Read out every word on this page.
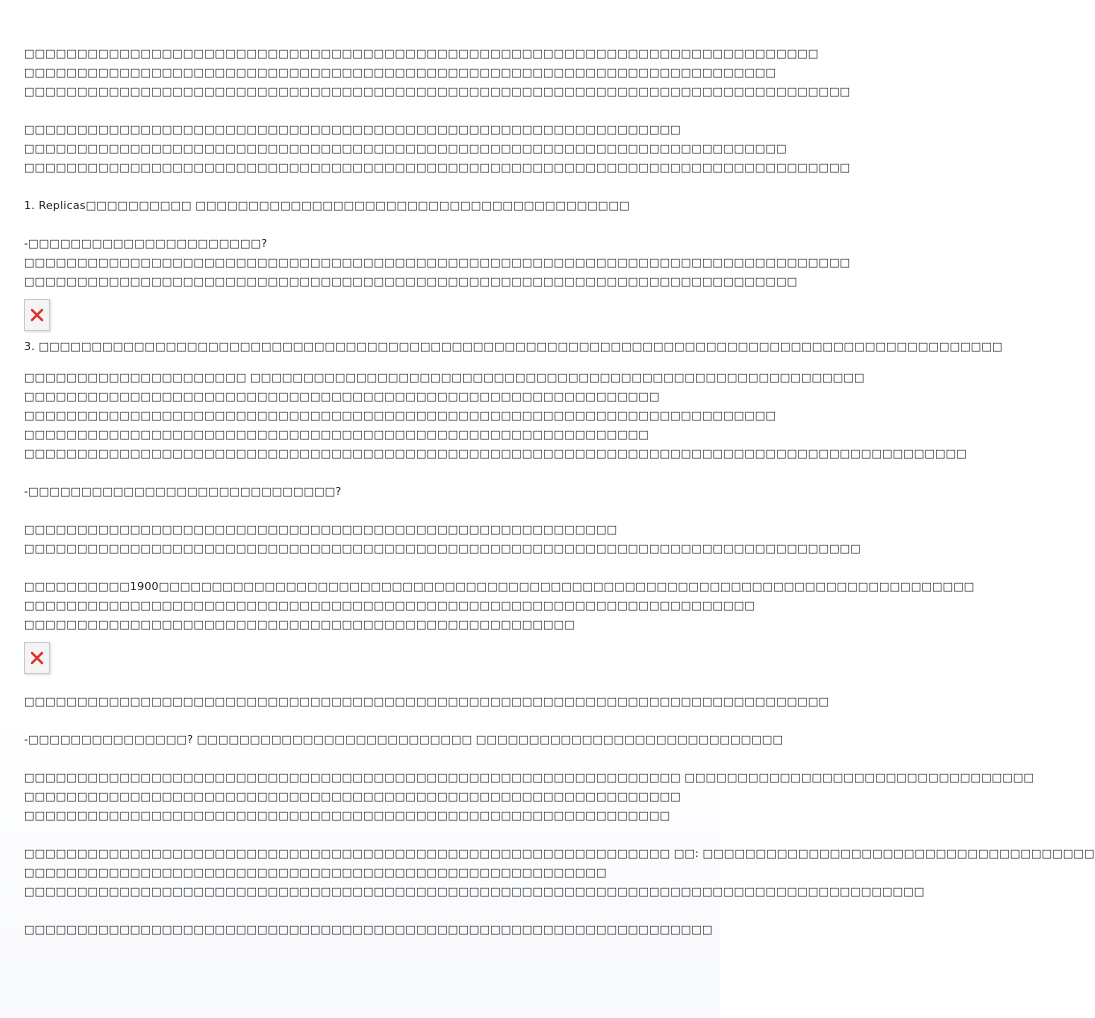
□□□□□□□□□□□□□□□□□□□□□□□□□□□□□□□□□□□□□□□□□□□□□□□□□□□□□□□□□□□□□□□□□□□□□□□□□□□
□□□□□□□□□□□□□□□□□□□□□□□□□□□□□□□□□□□□□□□□□□□□□□□□□□□□□□□□□□□□□□□□□□□□□□□
□□□□□□□□□□□□□□□□□□□□□□□□□□□□□□□□□□□□□□□□□□□□□□□□□□□□□□□□□□□□□□□□□□□□□□□□□□□□□□
□□□□□□□□□□□□□□□□□□□□□□□□□□□□□□□□□□□□□□□□□□□□□□□□□□□□□□□□□□□□□□
□□□□□□□□□□□□□□□□□□□□□□□□□□□□□□□□□□□□□□□□□□□□□□□□□□□□□□□□□□□□□□□□□□□□□□□□
□□□□□□□□□□□□□□□□□□□□□□□□□□□□□□□□□□□□□□□□□□□□□□□□□□□□□□□□□□□□□□□□□□□□□□□□□□□□□□
1. Replicas□□□□□□□□□□ □□□□□□□□□□□□□□□□□□□□□□□□□□□□□□□□□□□□□□□□□
-□□□□□□□□□□□□□□□□□□□□□□?
□□□□□□□□□□□□□□□□□□□□□□□□□□□□□□□□□□□□□□□□□□□□□□□□□□□□□□□□□□□□□□□□□□□□□□□□□□□□□□
□□□□□□□□□□□□□□□□□□□□□□□□□□□□□□□□□□□□□□□□□□□□□□□□□□□□□□□□□□□□□□□□□□□□□□□□□
3. □□□□□□□□□□□□□□□□□□□□□□□□□□□□□□□□□□□□□□□□□□□□□□□□□□□□□□□□□□□□□□□□□□□□□□□□□□□□□□□□□□□□□□□□□□□
□□□□□□□□□□□□□□□□□□□□□ □□□□□□□□□□□□□□□□□□□□□□□□□□□□□□□□□□□□□□□□□□□□□□□□□□□□□□□□□□
□□□□□□□□□□□□□□□□□□□□□□□□□□□□□□□□□□□□□□□□□□□□□□□□□□□□□□□□□□□□
□□□□□□□□□□□□□□□□□□□□□□□□□□□□□□□□□□□□□□□□□□□□□□□□□□□□□□□□□□□□□□□□□□□□□□□
□□□□□□□□□□□□□□□□□□□□□□□□□□□□□□□□□□□□□□□□□□□□□□□□□□□□□□□□□□□
□□□□□□□□□□□□□□□□□□□□□□□□□□□□□□□□□□□□□□□□□□□□□□□□□□□□□□□□□□□□□□□□□□□□□□□□□□□□□□□□□□□□□□□□□
-□□□□□□□□□□□□□□□□□□□□□□□□□□□□□?
□□□□□□□□□□□□□□□□□□□□□□□□□□□□□□□□□□□□□□□□□□□□□□□□□□□□□□□□
□□□□□□□□□□□□□□□□□□□□□□□□□□□□□□□□□□□□□□□□□□□□□□□□□□□□□□□□□□□□□□□□□□□□□□□□□□□□□□□
□□□□□□□□□□1900□□□□□□□□□□□□□□□□□□□□□□□□□□□□□□□□□□□□□□□□□□□□□□□□□□□□□□□□□□□□□□□□□□□□□□□□□□□□□
□□□□□□□□□□□□□□□□□□□□□□□□□□□□□□□□□□□□□□□□□□□□□□□□□□□□□□□□□□□□□□□□□□□□□
□□□□□□□□□□□□□□□□□□□□□□□□□□□□□□□□□□□□□□□□□□□□□□□□□□□□
□□□□□□□□□□□□□□□□□□□□□□□□□□□□□□□□□□□□□□□□□□□□□□□□□□□□□□□□□□□□□□□□□□□□□□□□□□□□
-□□□□□□□□□□□□□□□? □□□□□□□□□□□□□□□□□□□□□□□□□□ □□□□□□□□□□□□□□□□□□□□□□□□□□□□□
□□□□□□□□□□□□□□□□□□□□□□□□□□□□□□□□□□□□□□□□□□□□□□□□□□□□□□□□□□□□□□ □□□□□□□□□□□□□□□□□□□□□□□□□□□□□□□□□
□□□□□□□□□□□□□□□□□□□□□□□□□□□□□□□□□□□□□□□□□□□□□□□□□□□□□□□□□□□□□□
□□□□□□□□□□□□□□□□□□□□□□□□□□□□□□□□□□□□□□□□□□□□□□□□□□□□□□□□□□□□□
□□□□□□□□□□□□□□□□□□□□□□□□□□□□□□□□□□□□□□□□□□□□□□□□□□□□□□□□□□□□□ □□: □□□□□□□□□□□□□□□□□□□□□□□□□□□□□□□□□□□□□
□□□□□□□□□□□□□□□□□□□□□□□□□□□□□□□□□□□□□□□□□□□□□□□□□□□□□□□
□□□□□□□□□□□□□□□□□□□□□□□□□□□□□□□□□□□□□□□□□□□□□□□□□□□□□□□□□□□□□□□□□□□□□□□□□□□□□□□□□□□□□
□□□□□□□□□□□□□□□□□□□□□□□□□□□□□□□□□□□□□□□□□□□□□□□□□□□□□□□□□□□□□□□□□
